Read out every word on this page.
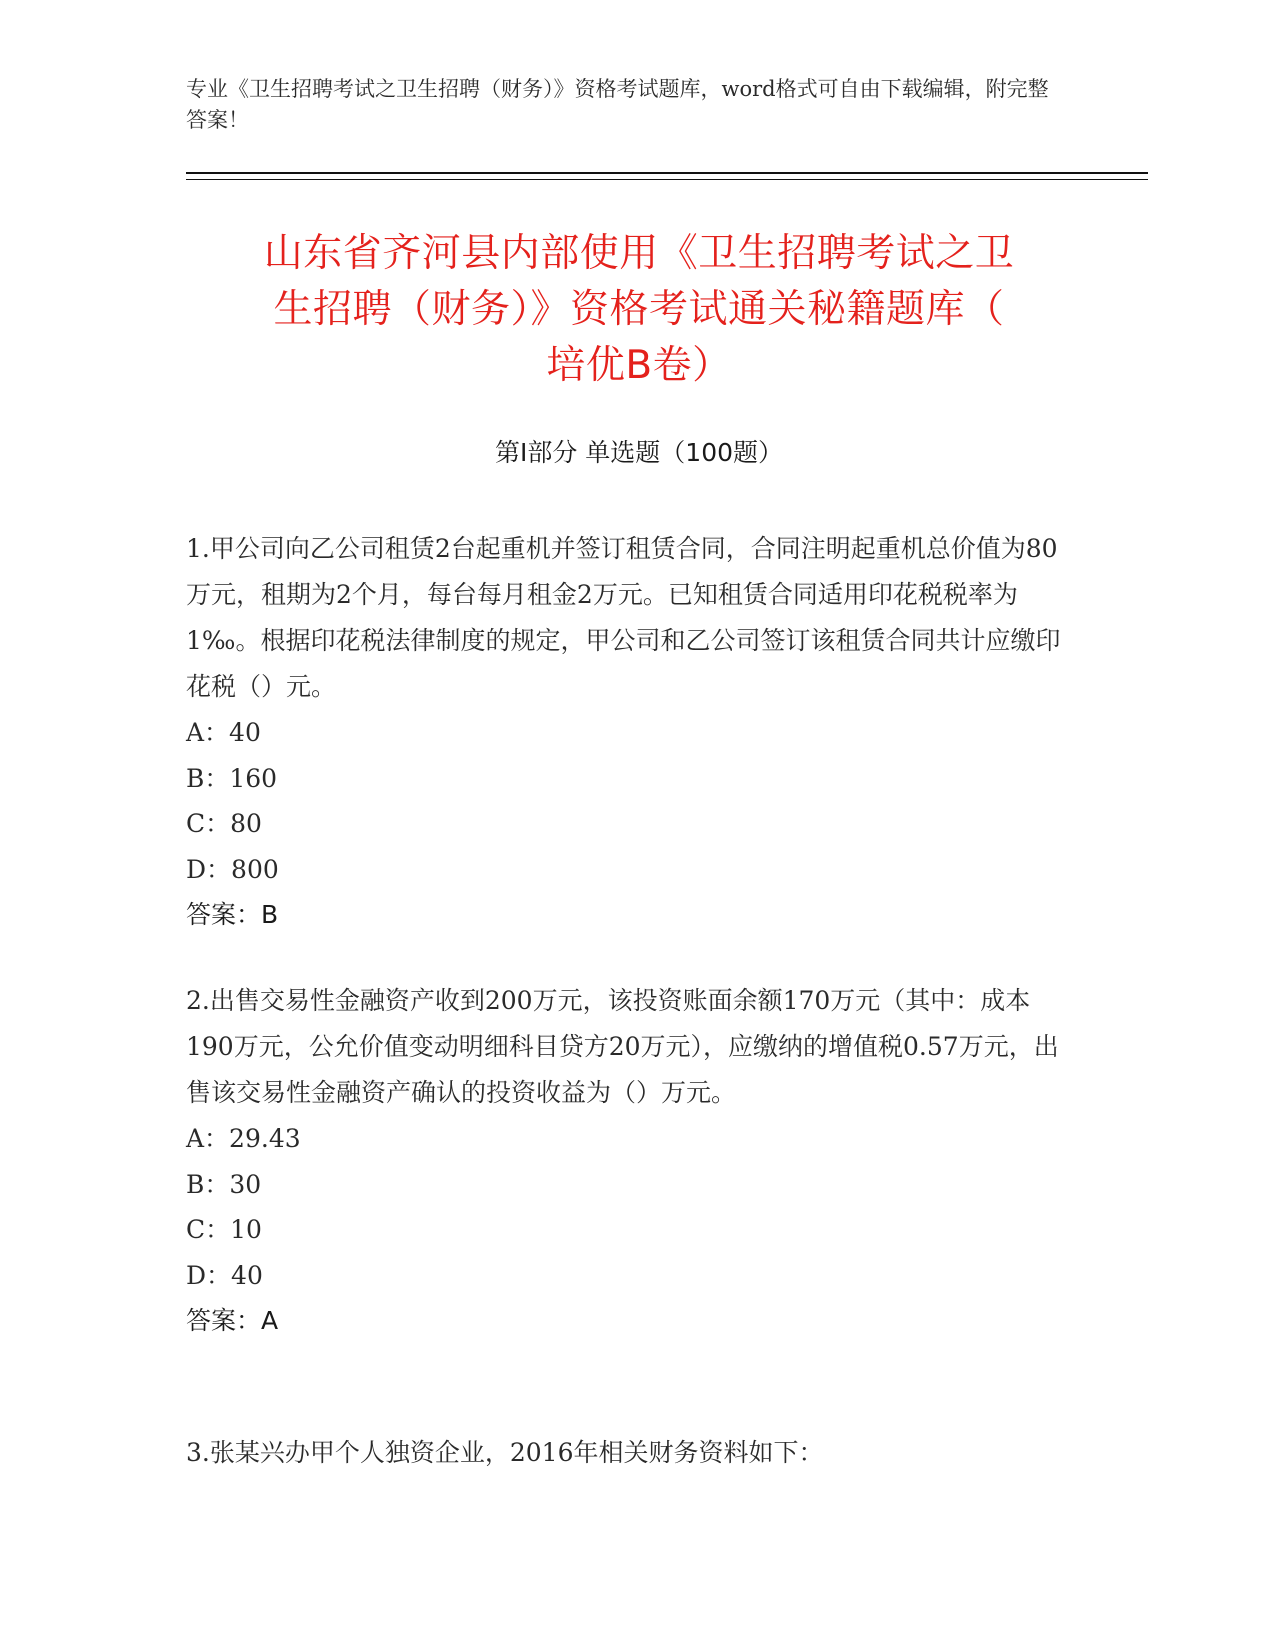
专业《卫生招聘考试之卫生招聘（财务）》资格考试题库，word格式可自由下载编辑，附完整答案！
山东省齐河县内部使用《卫生招聘考试之卫
生招聘（财务）》资格考试通关秘籍题库（
培优B卷）
第I部分 单选题（100题）

1.甲公司向乙公司租赁2台起重机并签订租赁合同，合同注明起重机总价值为80万元，租期为2个月，每台每月租金2万元。已知租赁合同适用印花税税率为1‰。根据印花税法律制度的规定，甲公司和乙公司签订该租赁合同共计应缴印花税（）元。

A：40
B：160
C：80
D：800
答案：B

2.出售交易性金融资产收到200万元，该投资账面余额170万元（其中：成本190万元，公允价值变动明细科目贷方20万元），应缴纳的增值税0.57万元，出售该交易性金融资产确认的投资收益为（）万元。

A：29.43
B：30
C：10
D：40
答案：A

3.张某兴办甲个人独资企业，2016年相关财务资料如下：
